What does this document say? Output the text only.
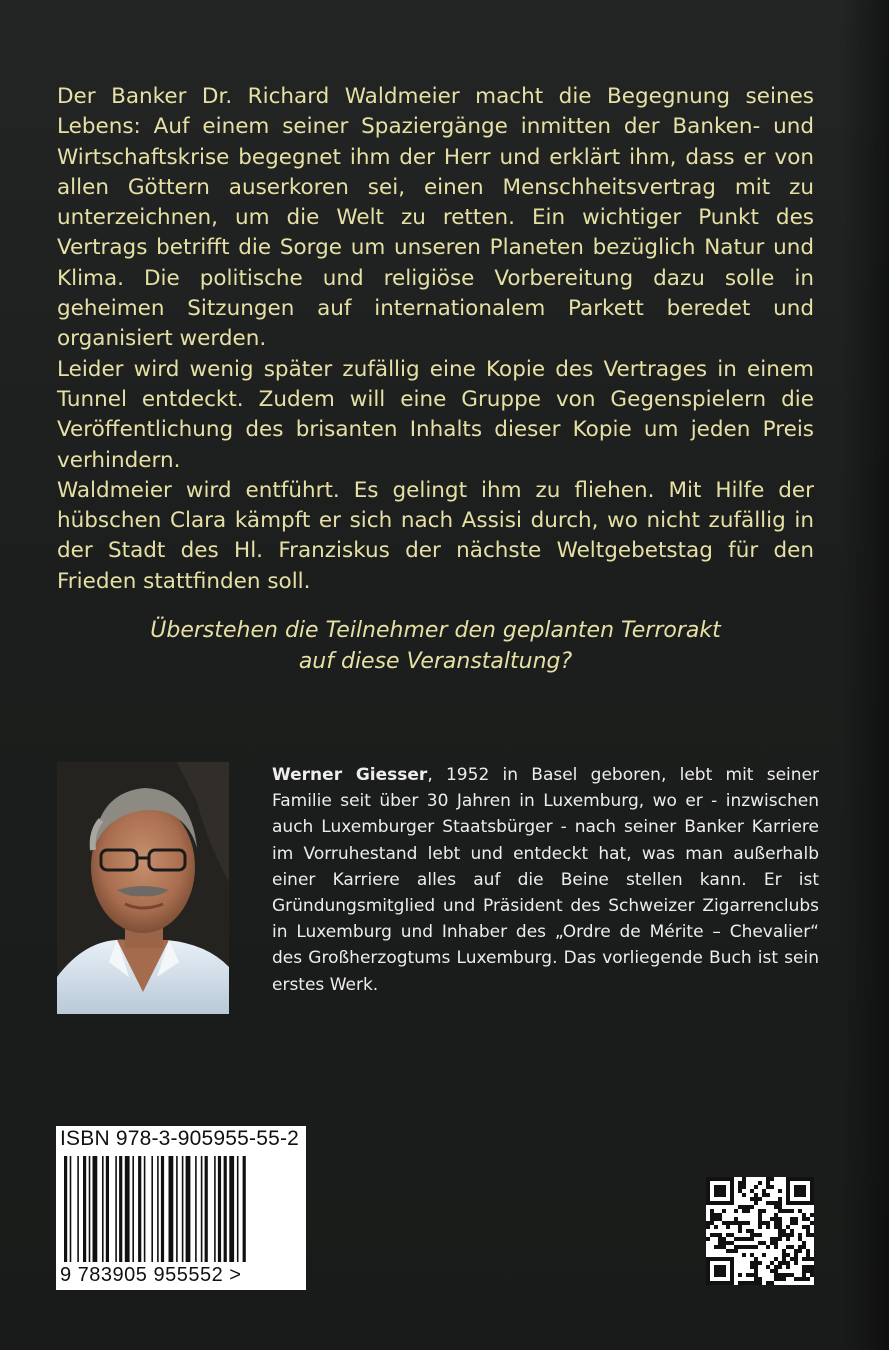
Der Banker Dr. Richard Waldmeier macht die Begegnung seines Lebens: Auf einem seiner Spaziergänge inmitten der Banken- und Wirtschaftskrise begegnet ihm der Herr und erklärt ihm, dass er von allen Göttern auserkoren sei, einen Menschheitsvertrag mit zu unterzeichnen, um die Welt zu retten. Ein wichtiger Punkt des Vertrags betrifft die Sorge um unseren Planeten bezüglich Natur und Klima. Die politische und religiöse Vorbereitung dazu solle in geheimen Sitzungen auf internationalem Parkett beredet und organisiert werden.

Leider wird wenig später zufällig eine Kopie des Vertrages in einem Tunnel entdeckt. Zudem will eine Gruppe von Gegenspielern die Veröffentlichung des brisanten Inhalts dieser Kopie um jeden Preis verhindern.

Waldmeier wird entführt. Es gelingt ihm zu fliehen. Mit Hilfe der hübschen Clara kämpft er sich nach Assisi durch, wo nicht zufällig in der Stadt des Hl. Franziskus der nächste Weltgebetstag für den Frieden stattfinden soll.

Überstehen die Teilnehmer den geplanten Terrorakt
auf diese Veranstaltung?

Werner Giesser, 1952 in Basel geboren, lebt mit seiner Familie seit über 30 Jahren in Luxemburg, wo er - inzwischen auch Luxemburger Staatsbürger - nach seiner Banker Karriere im Vorruhestand lebt und entdeckt hat, was man außerhalb einer Karriere alles auf die Beine stellen kann. Er ist Gründungsmitglied und Präsident des Schweizer Zigarrenclubs in Luxemburg und Inhaber des „Ordre de Mérite – Chevalier“ des Großherzogtums Luxemburg. Das vorliegende Buch ist sein erstes Werk.

ISBN 978-3-905955-55-2
9 783905 955552 >
